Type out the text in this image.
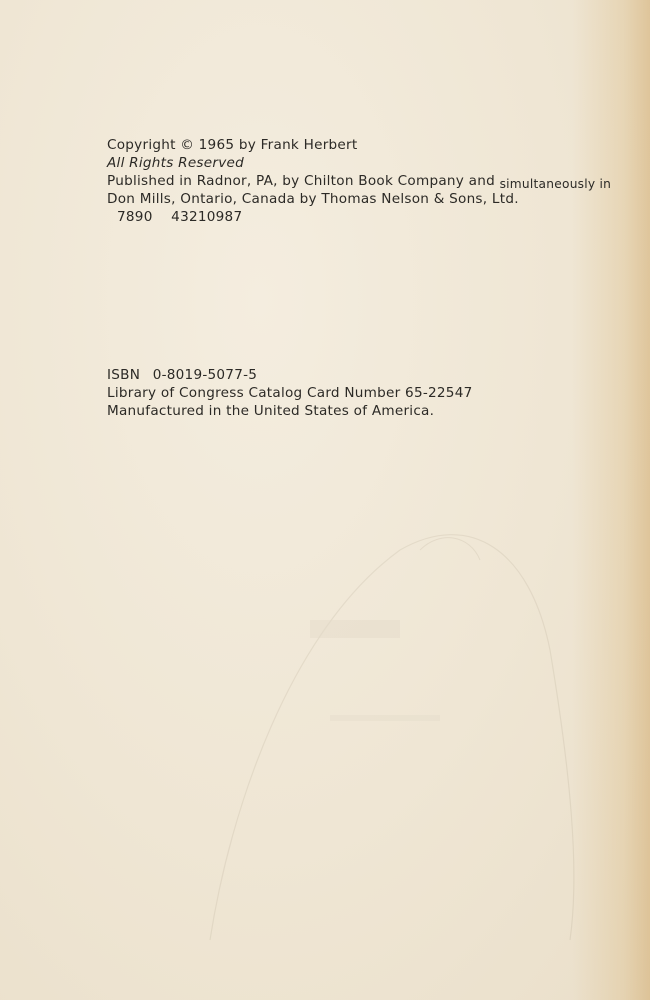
Copyright © 1965 by Frank Herbert
All Rights Reserved
Published in Radnor, PA, by Chilton Book Company and simultaneously in
Don Mills, Ontario, Canada by Thomas Nelson & Sons, Ltd.
7890 43210987
ISBN 0-8019-5077-5
Library of Congress Catalog Card Number 65-22547
Manufactured in the United States of America.
